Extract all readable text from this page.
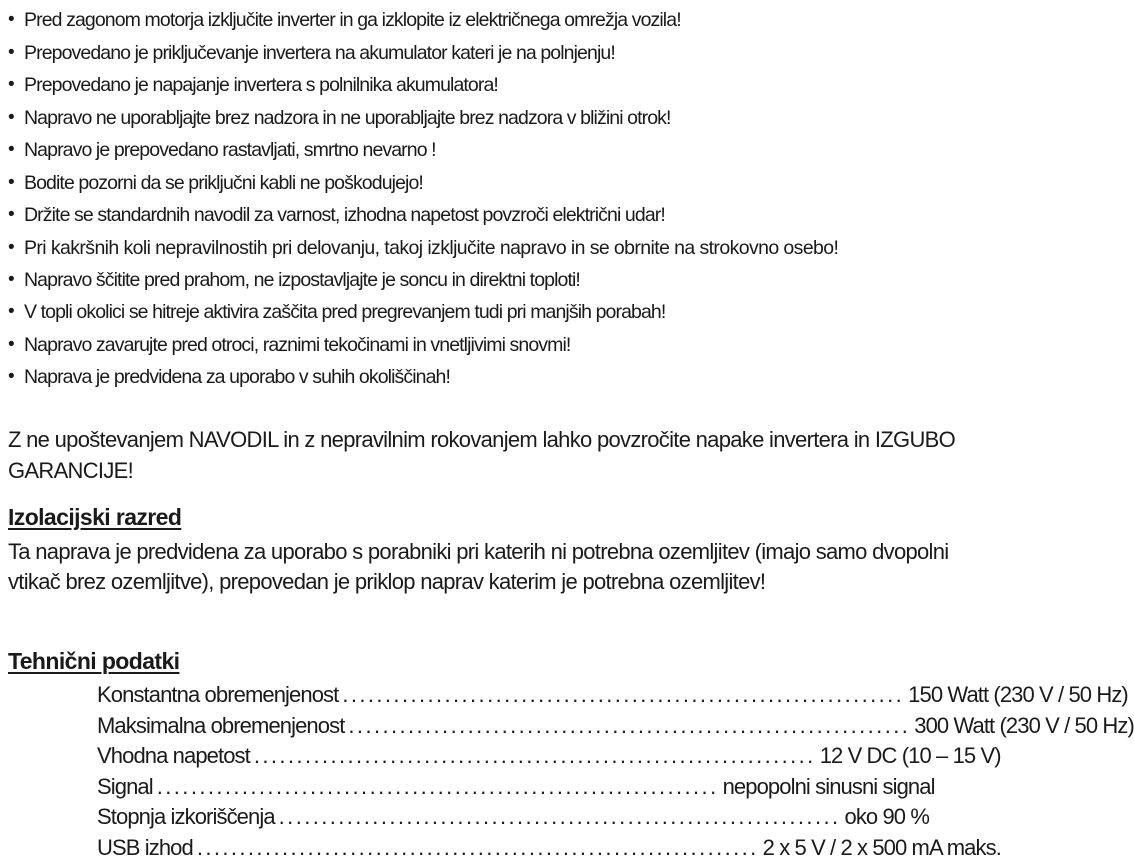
• Pred zagonom motorja izključite inverter in ga izklopite iz električnega omrežja vozila!
• Prepovedano je priključevanje invertera na akumulator kateri je na polnjenju!
• Prepovedano je napajanje invertera s polnilnika akumulatora!
• Napravo ne uporabljajte brez nadzora in ne uporabljajte brez nadzora v bližini otrok!
• Napravo je prepovedano rastavljati, smrtno nevarno !
• Bodite pozorni da se priključni kabli ne poškodujejo!
• Držite se standardnih navodil za varnost, izhodna napetost povzroči električni udar!
• Pri kakršnih koli nepravilnostih pri delovanju, takoj izključite napravo in se obrnite na strokovno osebo!
• Napravo ščitite pred prahom, ne izpostavljajte je soncu in direktni toploti!
• V topli okolici se hitreje aktivira zaščita pred pregrevanjem tudi pri manjših porabah!
• Napravo zavarujte pred otroci, raznimi tekočinami in vnetljivimi snovmi!
• Naprava je predvidena za uporabo v suhih okoliščinah!

Z ne upoštevanjem NAVODIL in z nepravilnim rokovanjem lahko povzročite napake invertera in IZGUBO GARANCIJE!

Izolacijski razred

Ta naprava je predvidena za uporabo s porabniki pri katerih ni potrebna ozemljitev (imajo samo dvopolni vtikač brez ozemljitve), prepovedan je priklop naprav katerim je potrebna ozemljitev!

Tehnični podatki
Konstantna obremenjenost .................................................................. 150 Watt (230 V / 50 Hz)
Maksimalna obremenjenost .................................................................. 300 Watt (230 V / 50 Hz)
Vhodna napetost .................................................................. 12 V DC (10 – 15 V)
Signal .................................................................. nepopolni sinusni signal
Stopnja izkoriščenja .................................................................. oko 90 %
USB izhod .................................................................. 2 x 5 V / 2 x 500 mA maks.
